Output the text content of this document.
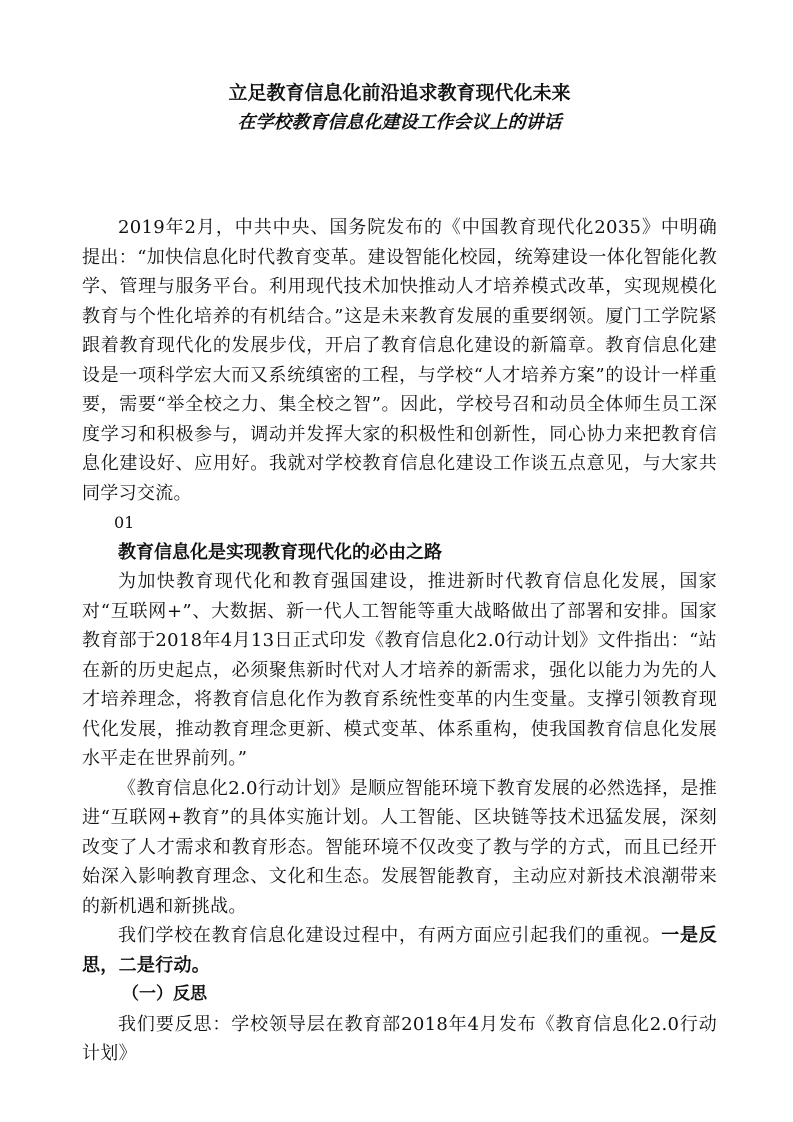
立足教育信息化前沿追求教育现代化未来
在学校教育信息化建设工作会议上的讲话

2019年2月，中共中央、国务院发布的《中国教育现代化2035》中明确提出：“加快信息化时代教育变革。建设智能化校园，统筹建设一体化智能化教学、管理与服务平台。利用现代技术加快推动人才培养模式改革，实现规模化教育与个性化培养的有机结合。”这是未来教育发展的重要纲领。厦门工学院紧跟着教育现代化的发展步伐，开启了教育信息化建设的新篇章。教育信息化建设是一项科学宏大而又系统缜密的工程，与学校“人才培养方案”的设计一样重要，需要“举全校之力、集全校之智”。因此，学校号召和动员全体师生员工深度学习和积极参与，调动并发挥大家的积极性和创新性，同心协力来把教育信息化建设好、应用好。我就对学校教育信息化建设工作谈五点意见，与大家共同学习交流。

01

教育信息化是实现教育现代化的必由之路

为加快教育现代化和教育强国建设，推进新时代教育信息化发展，国家对“互联网+”、大数据、新一代人工智能等重大战略做出了部署和安排。国家教育部于2018年4月13日正式印发《教育信息化2.0行动计划》文件指出：“站在新的历史起点，必须聚焦新时代对人才培养的新需求，强化以能力为先的人才培养理念，将教育信息化作为教育系统性变革的内生变量。支撑引领教育现代化发展，推动教育理念更新、模式变革、体系重构，使我国教育信息化发展水平走在世界前列。”

《教育信息化2.0行动计划》是顺应智能环境下教育发展的必然选择，是推进“互联网+教育”的具体实施计划。人工智能、区块链等技术迅猛发展，深刻改变了人才需求和教育形态。智能环境不仅改变了教与学的方式，而且已经开始深入影响教育理念、文化和生态。发展智能教育，主动应对新技术浪潮带来的新机遇和新挑战。

我们学校在教育信息化建设过程中，有两方面应引起我们的重视。一是反思，二是行动。

（一）反思

我们要反思：学校领导层在教育部2018年4月发布《教育信息化2.0行动计划》
